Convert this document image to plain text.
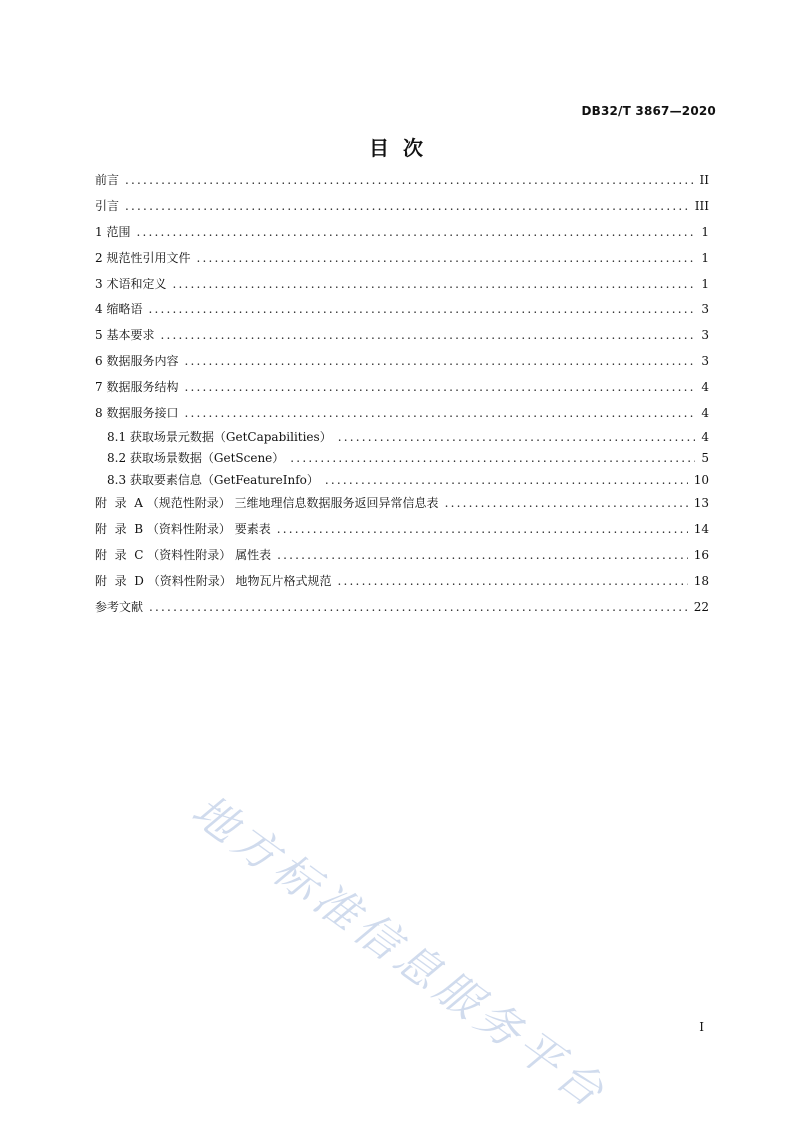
DB32/T 3867—2020
目  次
前言 .....	II
引言 .....	III
1 范围 .....	1
2 规范性引用文件 .....	1
3 术语和定义 .....	1
4 缩略语 .....	3
5 基本要求 .....	3
6 数据服务内容 .....	3
7 数据服务结构 .....	4
8 数据服务接口 .....	4
8.1 获取场景元数据（GetCapabilities） .....	4
8.2 获取场景数据（GetScene） .....	5
8.3 获取要素信息（GetFeatureInfo） .....	10
附  录  A （规范性附录） 三维地理信息数据服务返回异常信息表 .....	13
附  录  B （资料性附录） 要素表 .....	14
附  录  C （资料性附录） 属性表 .....	16
附  录  D （资料性附录） 地物瓦片格式规范 .....	18
参考文献 .....	22
地方标准信息服务平台	I
